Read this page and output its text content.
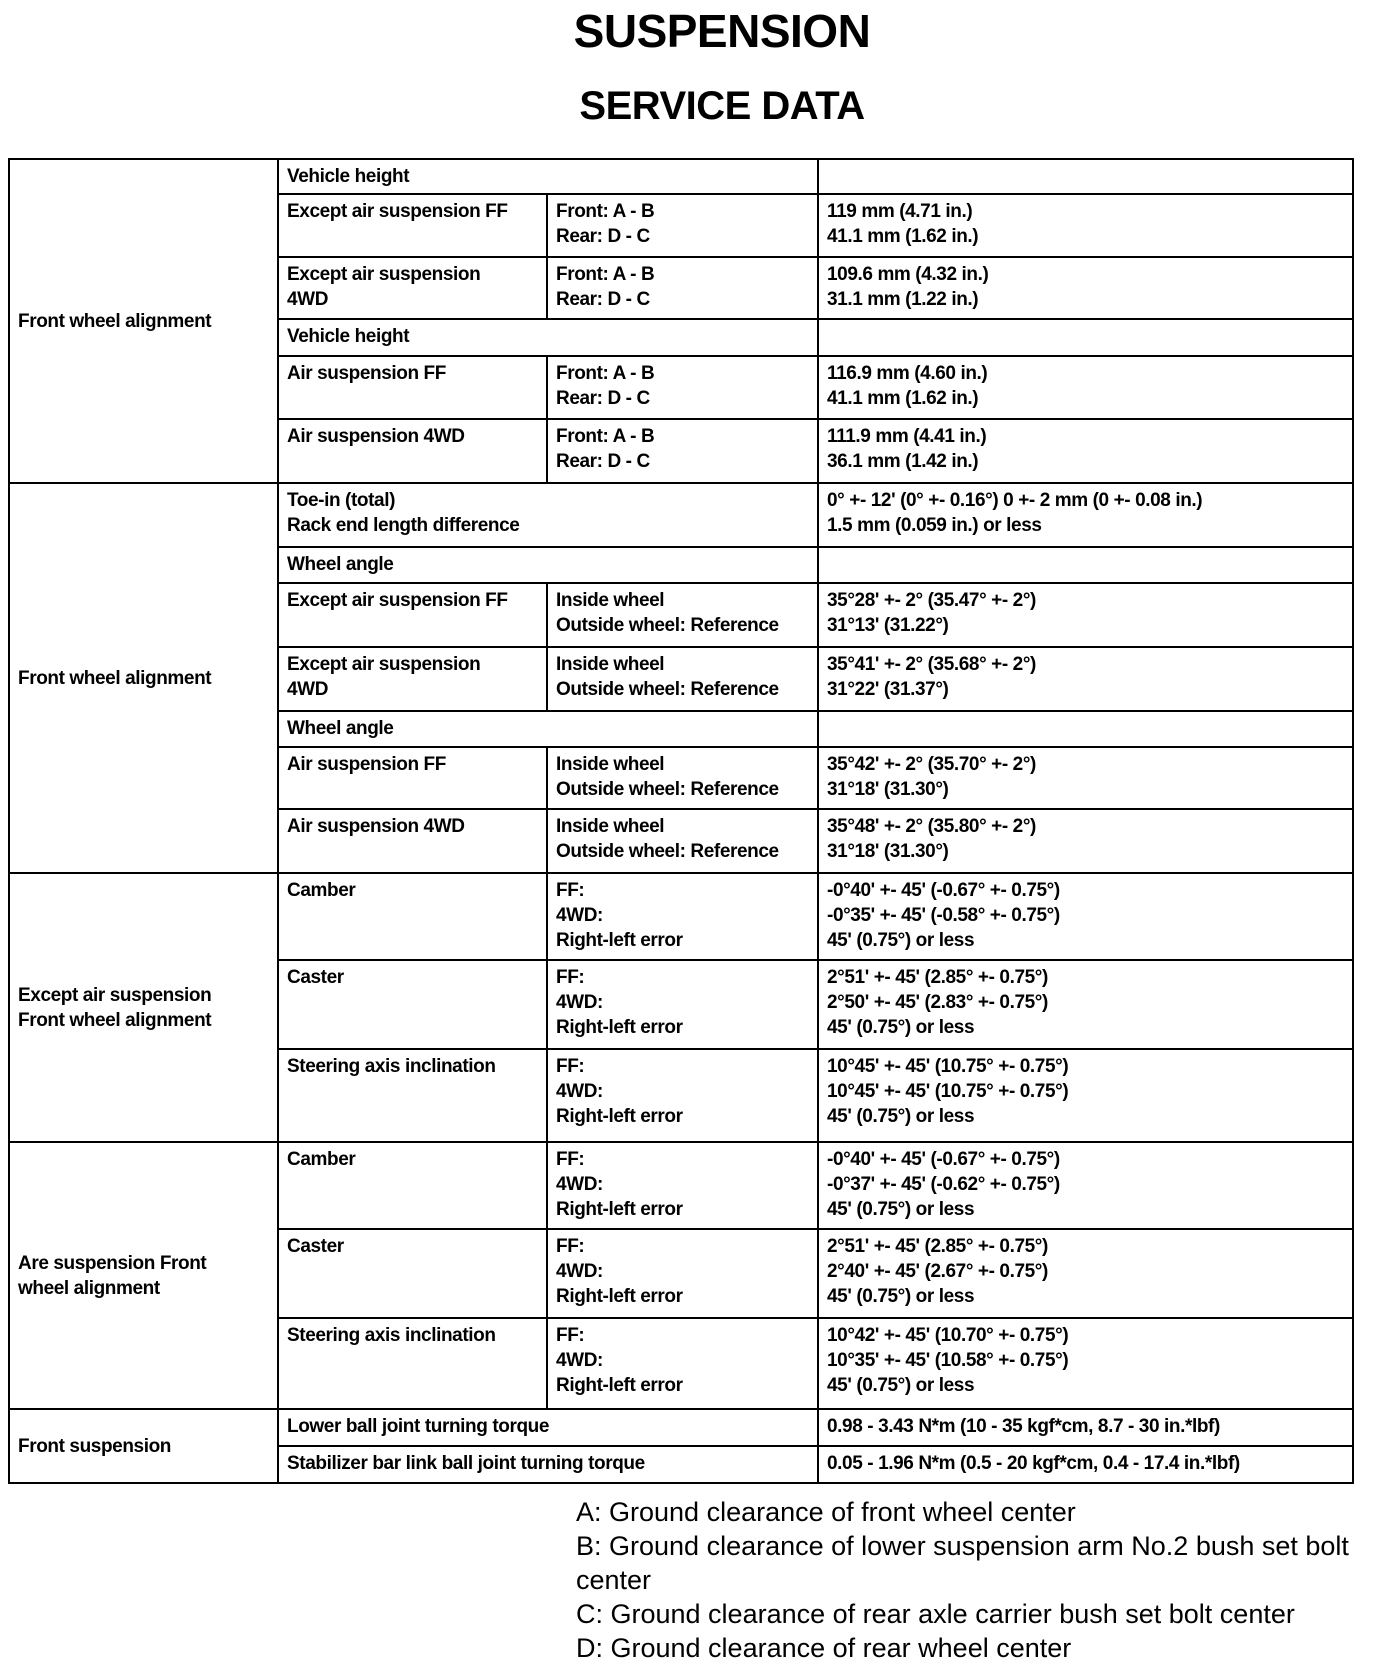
SUSPENSION
SERVICE DATA
Front wheel alignment	Vehicle height		
	Except air suspension FF	Front: A - B
Rear: D - C	119 mm (4.71 in.)
41.1 mm (1.62 in.)
	Except air suspension
4WD	Front: A - B
Rear: D - C	109.6 mm (4.32 in.)
31.1 mm (1.22 in.)
	Vehicle height		
	Air suspension FF	Front: A - B
Rear: D - C	116.9 mm (4.60 in.)
41.1 mm (1.62 in.)
	Air suspension 4WD	Front: A - B
Rear: D - C	111.9 mm (4.41 in.)
36.1 mm (1.42 in.)
Front wheel alignment	Toe-in (total)
Rack end length difference		0° +- 12' (0° +- 0.16°) 0 +- 2 mm (0 +- 0.08 in.)
1.5 mm (0.059 in.) or less
	Wheel angle		
	Except air suspension FF	Inside wheel
Outside wheel: Reference	35°28' +- 2° (35.47° +- 2°)
31°13' (31.22°)
	Except air suspension
4WD	Inside wheel
Outside wheel: Reference	35°41' +- 2° (35.68° +- 2°)
31°22' (31.37°)
	Wheel angle		
	Air suspension FF	Inside wheel
Outside wheel: Reference	35°42' +- 2° (35.70° +- 2°)
31°18' (31.30°)
	Air suspension 4WD	Inside wheel
Outside wheel: Reference	35°48' +- 2° (35.80° +- 2°)
31°18' (31.30°)
Except air suspension
Front wheel alignment	Camber	FF:
4WD:
Right-left error	-0°40' +- 45' (-0.67° +- 0.75°)
-0°35' +- 45' (-0.58° +- 0.75°)
45' (0.75°) or less
	Caster	FF:
4WD:
Right-left error	2°51' +- 45' (2.85° +- 0.75°)
2°50' +- 45' (2.83° +- 0.75°)
45' (0.75°) or less
	Steering axis inclination	FF:
4WD:
Right-left error	10°45' +- 45' (10.75° +- 0.75°)
10°45' +- 45' (10.75° +- 0.75°)
45' (0.75°) or less
Are suspension Front
wheel alignment	Camber	FF:
4WD:
Right-left error	-0°40' +- 45' (-0.67° +- 0.75°)
-0°37' +- 45' (-0.62° +- 0.75°)
45' (0.75°) or less
	Caster	FF:
4WD:
Right-left error	2°51' +- 45' (2.85° +- 0.75°)
2°40' +- 45' (2.67° +- 0.75°)
45' (0.75°) or less
	Steering axis inclination	FF:
4WD:
Right-left error	10°42' +- 45' (10.70° +- 0.75°)
10°35' +- 45' (10.58° +- 0.75°)
45' (0.75°) or less
Front suspension	Lower ball joint turning torque		0.98 - 3.43 N*m (10 - 35 kgf*cm, 8.7 - 30 in.*lbf)
	Stabilizer bar link ball joint turning torque		0.05 - 1.96 N*m (0.5 - 20 kgf*cm, 0.4 - 17.4 in.*lbf)
A: Ground clearance of front wheel center
B: Ground clearance of lower suspension arm No.2 bush set bolt center
C: Ground clearance of rear axle carrier bush set bolt center
D: Ground clearance of rear wheel center
